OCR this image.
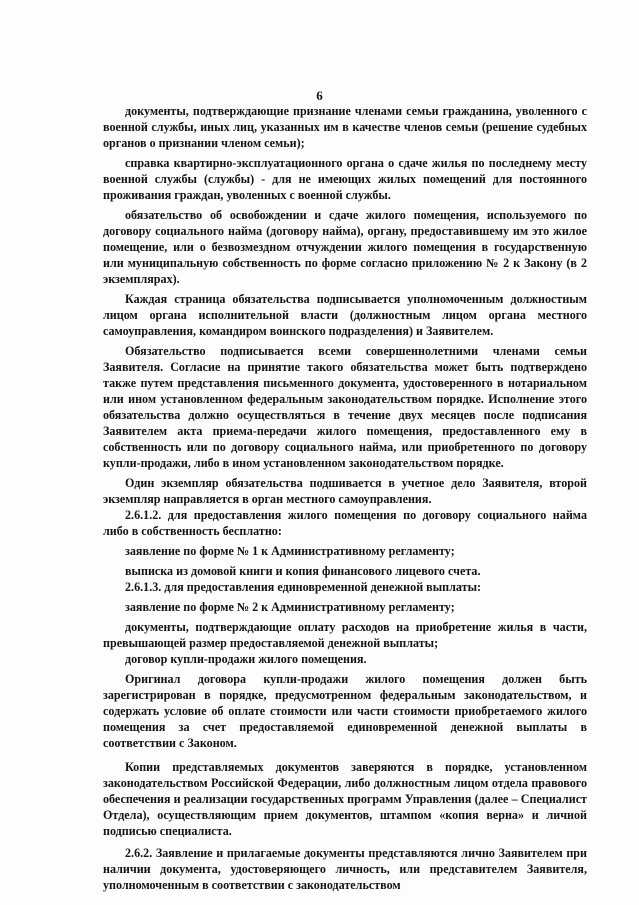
6

документы, подтверждающие признание членами семьи гражданина, уволенного с военной службы, иных лиц, указанных им в качестве членов семьи (решение судебных органов о признании членом семьи);

справка квартирно-эксплуатационного органа о сдаче жилья по последнему месту военной службы (службы) - для не имеющих жилых помещений для постоянного проживания граждан, уволенных с военной службы.

обязательство об освобождении и сдаче жилого помещения, используемого по договору социального найма (договору найма), органу, предоставившему им это жилое помещение, или о безвозмездном отчуждении жилого помещения в государственную или муниципальную собственность по форме согласно приложению № 2 к Закону (в 2 экземплярах).

Каждая страница обязательства подписывается уполномоченным должностным лицом органа исполнительной власти (должностным лицом органа местного самоуправления, командиром воинского подразделения) и Заявителем.

Обязательство подписывается всеми совершеннолетними членами семьи Заявителя. Согласие на принятие такого обязательства может быть подтверждено также путем представления письменного документа, удостоверенного в нотариальном или ином установленном федеральным законодательством порядке. Исполнение этого обязательства должно осуществляться в течение двух месяцев после подписания Заявителем акта приема-передачи жилого помещения, предоставленного ему в собственность или по договору социального найма, или приобретенного по договору купли-продажи, либо в ином установленном законодательством порядке.

Один экземпляр обязательства подшивается в учетное дело Заявителя, второй экземпляр направляется в орган местного самоуправления.

2.6.1.2. для предоставления жилого помещения по договору социального найма либо в собственность бесплатно:

заявление по форме № 1 к Административному регламенту;

выписка из домовой книги и копия финансового лицевого счета.

2.6.1.3. для предоставления единовременной денежной выплаты:

заявление по форме № 2 к Административному регламенту;

документы, подтверждающие оплату расходов на приобретение жилья в части, превышающей размер предоставляемой денежной выплаты;

договор купли-продажи жилого помещения.

Оригинал договора купли-продажи жилого помещения должен быть зарегистрирован в порядке, предусмотренном федеральным законодательством, и содержать условие об оплате стоимости или части стоимости приобретаемого жилого помещения за счет предоставляемой единовременной денежной выплаты в соответствии с Законом.

Копии представляемых документов заверяются в порядке, установленном законодательством Российской Федерации, либо должностным лицом отдела правового обеспечения и реализации государственных программ Управления (далее – Специалист Отдела), осуществляющим прием документов, штампом «копия верна» и личной подписью специалиста.

2.6.2. Заявление и прилагаемые документы представляются лично Заявителем при наличии документа, удостоверяющего личность, или представителем Заявителя, уполномоченным в соответствии с законодательством
